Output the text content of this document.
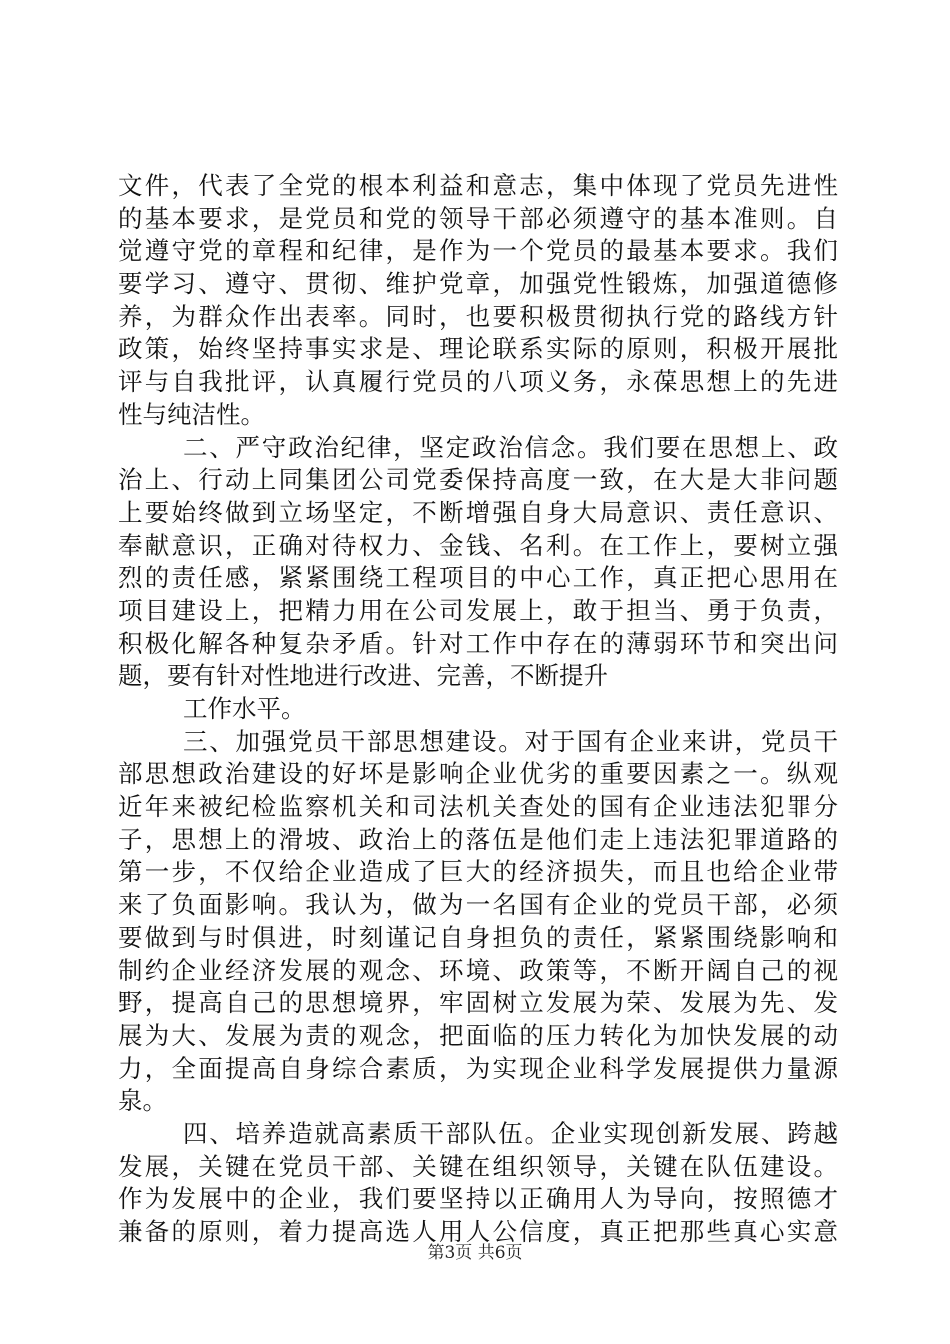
文件，代表了全党的根本利益和意志，集中体现了党员先进性
的基本要求，是党员和党的领导干部必须遵守的基本准则。自
觉遵守党的章程和纪律，是作为一个党员的最基本要求。我们
要学习、遵守、贯彻、维护党章，加强党性锻炼，加强道德修
养，为群众作出表率。同时，也要积极贯彻执行党的路线方针
政策，始终坚持事实求是、理论联系实际的原则，积极开展批
评与自我批评，认真履行党员的八项义务，永葆思想上的先进
性与纯洁性。
二、严守政治纪律，坚定政治信念。我们要在思想上、政
治上、行动上同集团公司党委保持高度一致，在大是大非问题
上要始终做到立场坚定，不断增强自身大局意识、责任意识、
奉献意识，正确对待权力、金钱、名利。在工作上，要树立强
烈的责任感，紧紧围绕工程项目的中心工作，真正把心思用在
项目建设上，把精力用在公司发展上，敢于担当、勇于负责，
积极化解各种复杂矛盾。针对工作中存在的薄弱环节和突出问
题，要有针对性地进行改进、完善，不断提升
工作水平。
三、加强党员干部思想建设。对于国有企业来讲，党员干
部思想政治建设的好坏是影响企业优劣的重要因素之一。纵观
近年来被纪检监察机关和司法机关查处的国有企业违法犯罪分
子，思想上的滑坡、政治上的落伍是他们走上违法犯罪道路的
第一步，不仅给企业造成了巨大的经济损失，而且也给企业带
来了负面影响。我认为，做为一名国有企业的党员干部，必须
要做到与时俱进，时刻谨记自身担负的责任，紧紧围绕影响和
制约企业经济发展的观念、环境、政策等，不断开阔自己的视
野，提高自己的思想境界，牢固树立发展为荣、发展为先、发
展为大、发展为责的观念，把面临的压力转化为加快发展的动
力，全面提高自身综合素质，为实现企业科学发展提供力量源
泉。
四、培养造就高素质干部队伍。企业实现创新发展、跨越
发展，关键在党员干部、关键在组织领导，关键在队伍建设。
作为发展中的企业，我们要坚持以正确用人为导向，按照德才
兼备的原则，着力提高选人用人公信度，真正把那些真心实意
第3页 共6页
